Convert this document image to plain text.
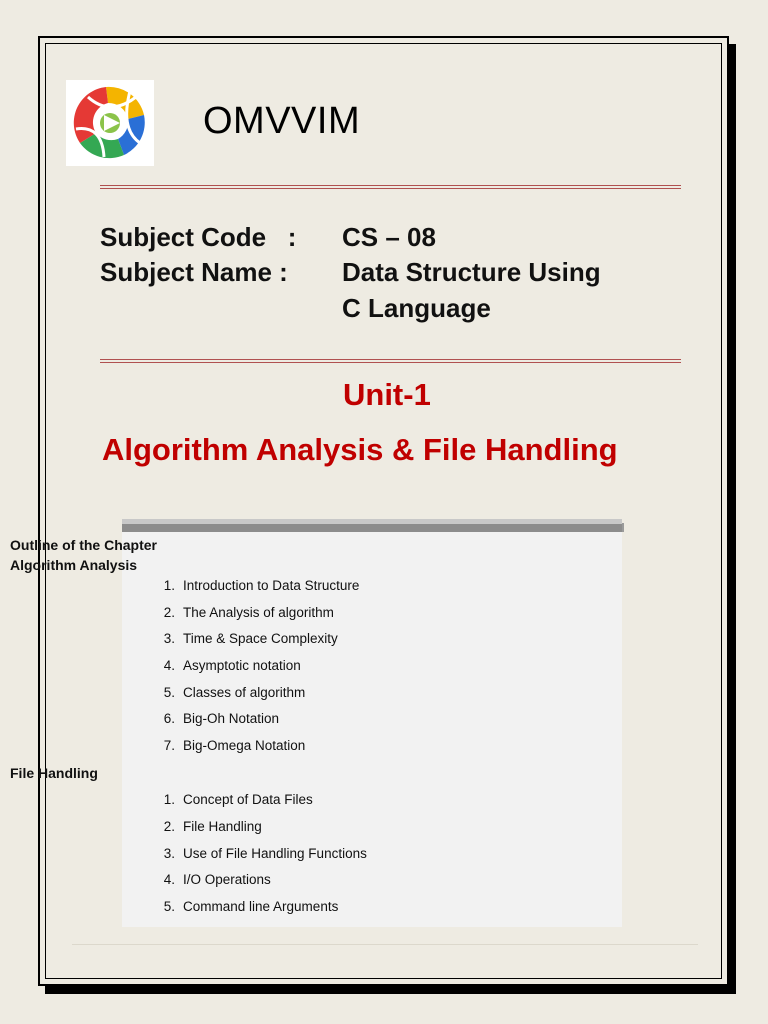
OMVVIM
Subject Code   : CS – 08
Subject Name : Data Structure Using
C Language
Unit-1
Algorithm Analysis & File Handling
Outline of the Chapter
Algorithm Analysis
1. Introduction to Data Structure
2. The Analysis of algorithm
3. Time & Space Complexity
4. Asymptotic notation
5. Classes of algorithm
6. Big-Oh Notation
7. Big-Omega Notation
File Handling
1. Concept of Data Files
2. File Handling
3. Use of File Handling Functions
4. I/O Operations
5. Command line Arguments
